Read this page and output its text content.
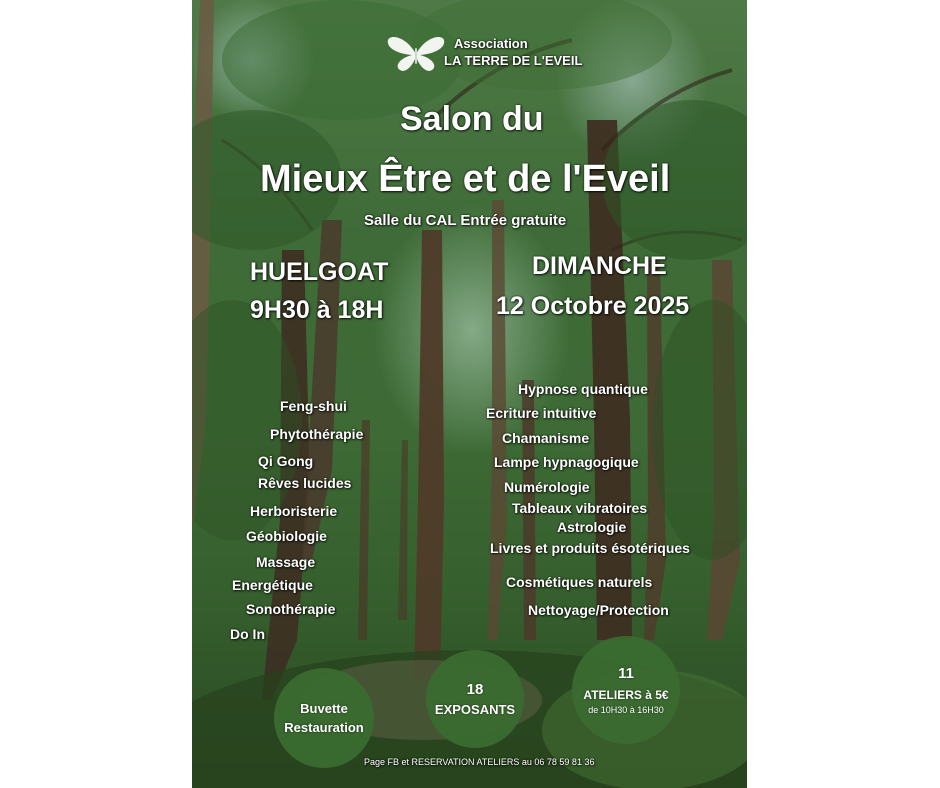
Association
LA TERRE DE L'EVEIL
Salon du
Mieux Être et de l'Eveil
Salle du CAL Entrée gratuite
HUELGOAT
9H30 à 18H
DIMANCHE
12 Octobre 2025
Feng-shui
Phytothérapie
Qi Gong
Rêves lucides
Herboristerie
Géobiologie
Massage
Energétique
Sonothérapie
Do In
Hypnose quantique
Ecriture intuitive
Chamanisme
Lampe hypnagogique
Numérologie
Tableaux vibratoires
Astrologie
Livres et produits ésotériques
Cosmétiques naturels
Nettoyage/Protection
Buvette
Restauration
18
EXPOSANTS
11
ATELIERS à 5€
de 10H30 à 16H30
Page FB et RESERVATION ATELIERS au 06 78 59 81 36
